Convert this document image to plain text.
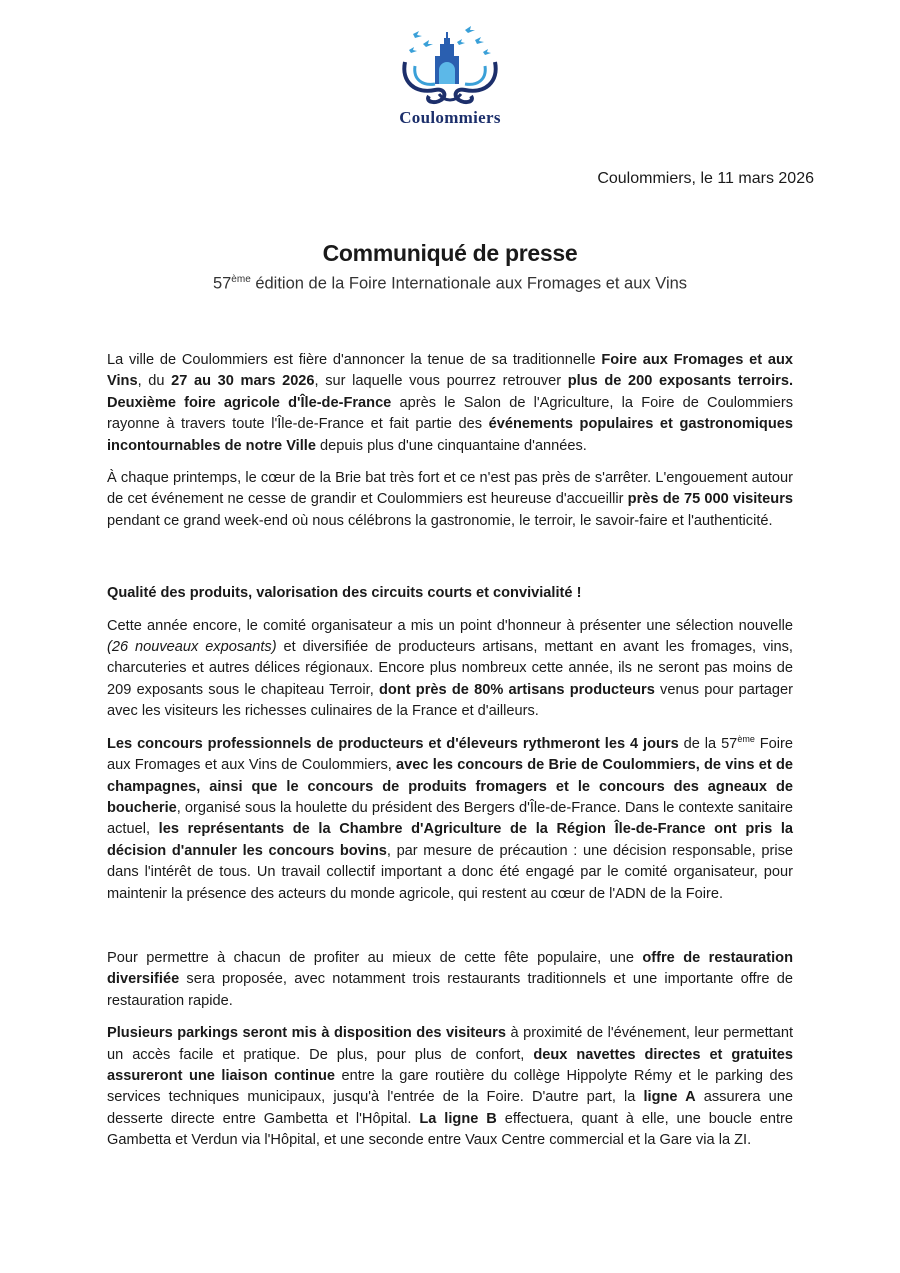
Coulommiers
Coulommiers, le 11 mars 2026
Communiqué de presse
57ème édition de la Foire Internationale aux Fromages et aux Vins

La ville de Coulommiers est fière d'annoncer la tenue de sa traditionnelle Foire aux Fromages et aux Vins, du 27 au 30 mars 2026, sur laquelle vous pourrez retrouver plus de 200 exposants terroirs. Deuxième foire agricole d'Île-de-France après le Salon de l'Agriculture, la Foire de Coulommiers rayonne à travers toute l'Île-de-France et fait partie des événements populaires et gastronomiques incontournables de notre Ville depuis plus d'une cinquantaine d'années.

À chaque printemps, le cœur de la Brie bat très fort et ce n'est pas près de s'arrêter. L'engouement autour de cet événement ne cesse de grandir et Coulommiers est heureuse d'accueillir près de 75 000 visiteurs pendant ce grand week-end où nous célébrons la gastronomie, le terroir, le savoir-faire et l'authenticité.

Qualité des produits, valorisation des circuits courts et convivialité !

Cette année encore, le comité organisateur a mis un point d'honneur à présenter une sélection nouvelle (26 nouveaux exposants) et diversifiée de producteurs artisans, mettant en avant les fromages, vins, charcuteries et autres délices régionaux. Encore plus nombreux cette année, ils ne seront pas moins de 209 exposants sous le chapiteau Terroir, dont près de 80% artisans producteurs venus pour partager avec les visiteurs les richesses culinaires de la France et d'ailleurs.

Les concours professionnels de producteurs et d'éleveurs rythmeront les 4 jours de la 57ème Foire aux Fromages et aux Vins de Coulommiers, avec les concours de Brie de Coulommiers, de vins et de champagnes, ainsi que le concours de produits fromagers et le concours des agneaux de boucherie, organisé sous la houlette du président des Bergers d'Île-de-France. Dans le contexte sanitaire actuel, les représentants de la Chambre d'Agriculture de la Région Île-de-France ont pris la décision d'annuler les concours bovins, par mesure de précaution : une décision responsable, prise dans l'intérêt de tous. Un travail collectif important a donc été engagé par le comité organisateur, pour maintenir la présence des acteurs du monde agricole, qui restent au cœur de l'ADN de la Foire.

Pour permettre à chacun de profiter au mieux de cette fête populaire, une offre de restauration diversifiée sera proposée, avec notamment trois restaurants traditionnels et une importante offre de restauration rapide.

Plusieurs parkings seront mis à disposition des visiteurs à proximité de l'événement, leur permettant un accès facile et pratique. De plus, pour plus de confort, deux navettes directes et gratuites assureront une liaison continue entre la gare routière du collège Hippolyte Rémy et le parking des services techniques municipaux, jusqu'à l'entrée de la Foire. D'autre part, la ligne A assurera une desserte directe entre Gambetta et l'Hôpital. La ligne B effectuera, quant à elle, une boucle entre Gambetta et Verdun via l'Hôpital, et une seconde entre Vaux Centre commercial et la Gare via la ZI.
